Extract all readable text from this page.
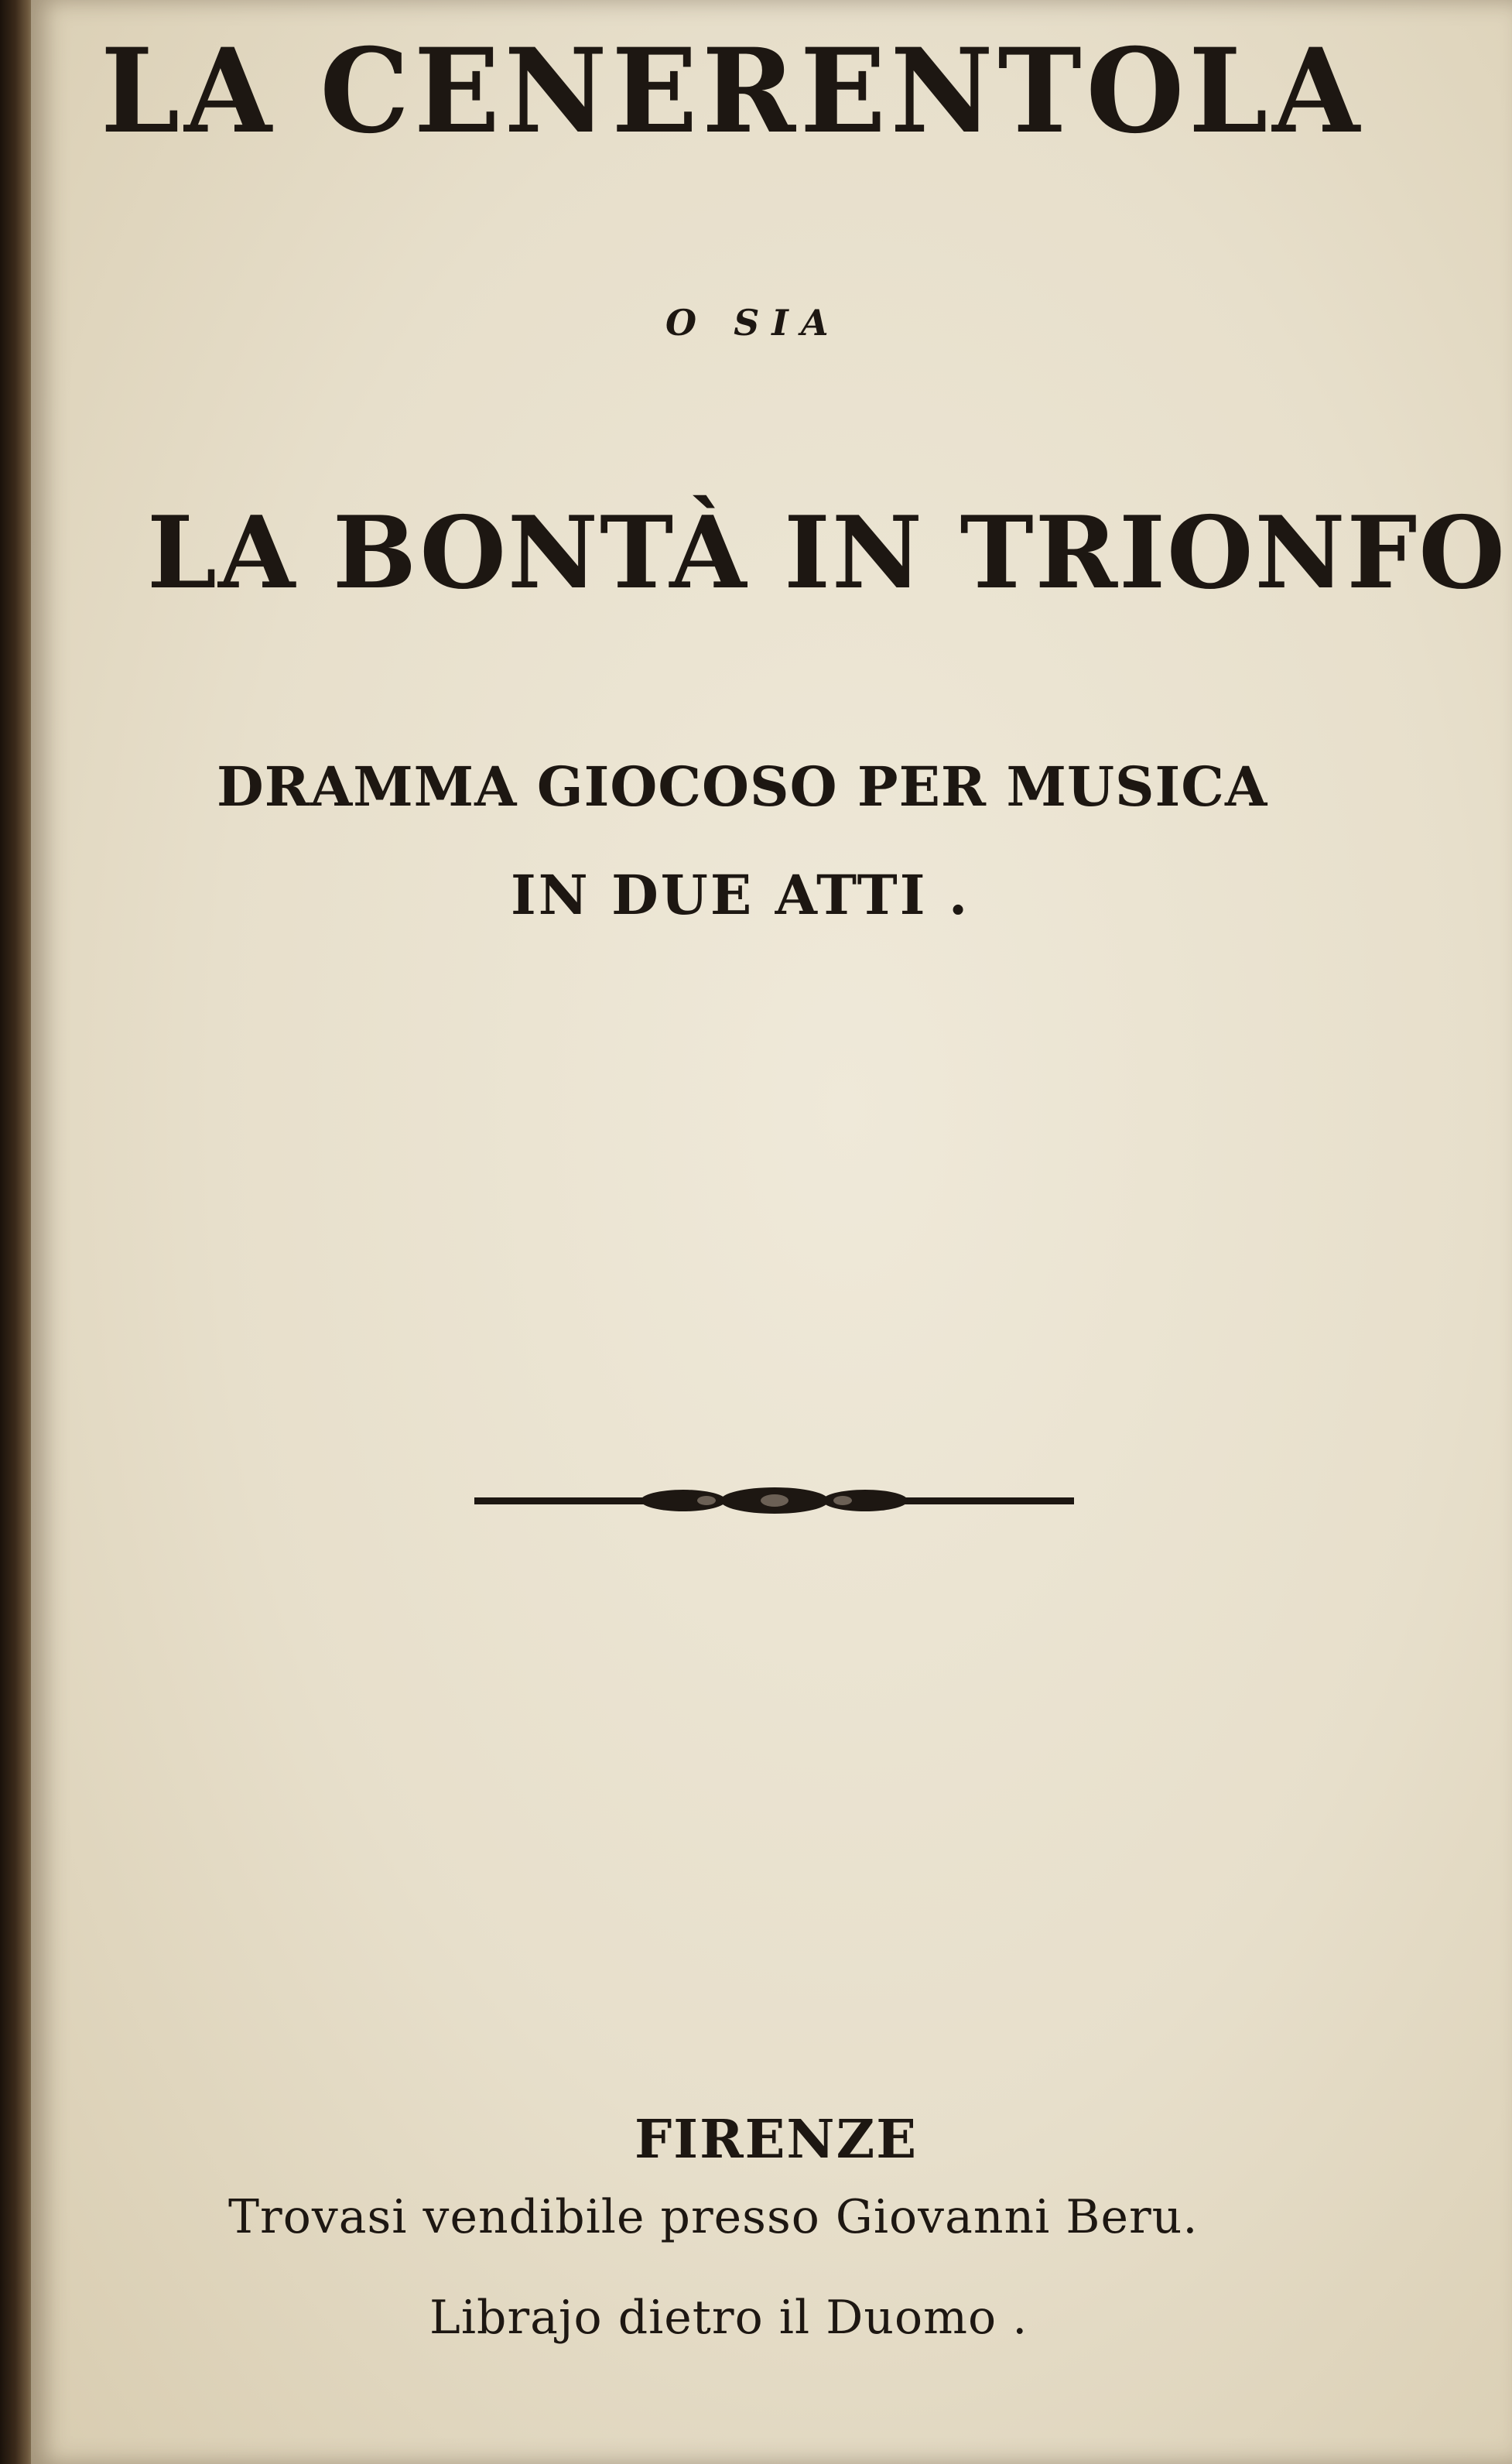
LA CENERENTOLA
O SIA
LA BONTÀ IN TRIONFO
DRAMMA GIOCOSO PER MUSICA
IN DUE ATTI .
FIRENZE
Trovasi vendibile presso Giovanni Beru.
Librajo dietro il Duomo .
